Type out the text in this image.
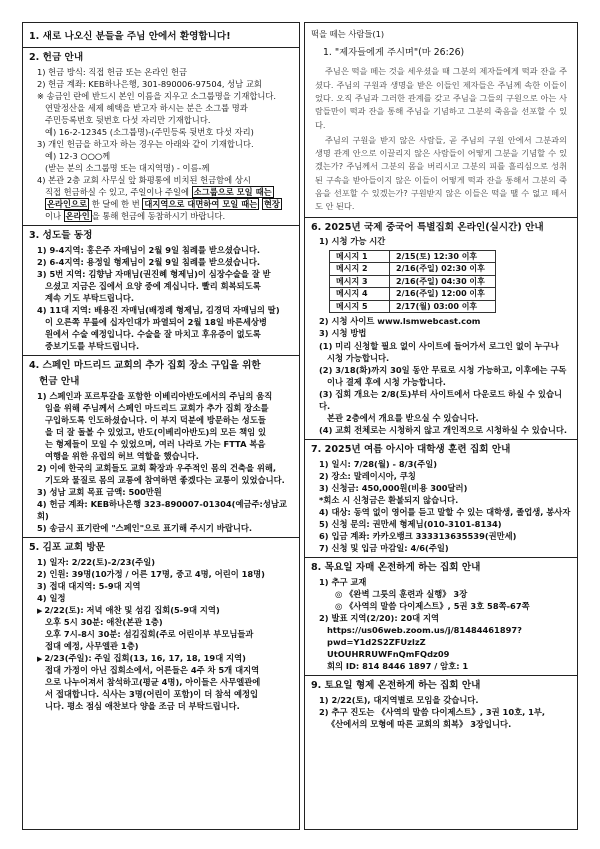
1. 새로 나오신 분들을 주님 안에서 환영합니다!
2. 헌금 안내
1) 헌금 방식: 직접 헌금 또는 온라인 헌금
2) 헌금 계좌: KEB하나은행, 301-890006-97504, 성남 교회
※ 송금인 란에 반드시 본인 이름을 지우고 소그룹명을 기재합니다.
연말정산을 세제 혜택을 받고자 하시는 분은 소그룹 명과
주민등록번호 뒷번호 다섯 자리만 기재합니다.
예) 16-2-12345 (소그룹명)-(주민등록 뒷번호 다섯 자리)
3) 개인 헌금을 하고자 하는 경우는 아래와 같이 기재합니다.
예) 12-3 ○○○께
(받는 분의 소그룹명 또는 대지역명) - 이름-께
4) 본관 2층 교회 사무실 앞 화평통에 비치된 헌금함에 상시
직접 헌금하실 수 있고, 주일이나 주일에 소그룹으로 모일 때는
온라인으로 한 달에 한 번 대지역으로 대면하여 모일 때는 현장
이나 온라인 을 통해 헌금에 동참하시기 바랍니다.
3. 성도들 동정
1) 9-4지역: 홍은주 자매님이 2월 9일 침례를 받으셨습니다.
2) 6-4지역: 용정일 형제님이 2월 9일 침례를 받으셨습니다.
3) 5번 지역: 김향남 자매님(권진혜 형제님)이 심장수술을 잘 받
으셨고 지금은 집에서 요양 중에 계십니다. 빨리 회복되도록
계속 기도 부탁드립니다.
4) 11대 지역: 배용진 자매님(배정례 형제님, 김경덕 자매님의 딸)
이 오른쪽 무릎에 십자인대가 파열되어 2월 18일 바른세상병
원에서 수술 예정입니다. 수술을 잘 마치고 후유증이 없도록
중보기도를 부탁드립니다.
4. 스페인 마드리드 교회의 추가 집회 장소 구입을 위한
헌금 안내
1) 스페인과 포르투갈을 포함한 이베리아반도에서의 주님의 움직
임을 위해 주님께서 스페인 마드리드 교회가 추가 집회 장소를
구입하도록 인도하셨습니다. 이 부지 덕분에 방문하는 성도들
을 더 잘 돌볼 수 있었고, 반도(이베리아반도)의 모든 책임 있
는 형제들이 모일 수 있었으며, 여러 나라로 가는 FTTA 복음
여행을 위한 유럽의 허브 역할을 했습니다.
2) 이에 한국의 교회들도 교회 확장과 우주적인 몸의 건축을 위해,
기도와 물질로 몸의 교통에 참여하면 좋겠다는 교통이 있었습니다.
3) 성남 교회 목표 금액: 500만원
4) 헌금 계좌: KEB하나은행 323-890007-01304(예금주:성남교회)
5) 송금시 표기란에 "스페인"으로 표기해 주시기 바랍니다.
5. 김포 교회 방문
1) 일자: 2/22(토)-2/23(주일)
2) 인원: 39명(10가정 / 어른 17명, 중고 4명, 어린이 18명)
3) 접대 대지역: 5-9대 지역
4) 일정
▶ 2/22(토): 저녁 애찬 및 섬김 집회(5-9대 지역)
오후 5시 30분: 애찬(본관 1층)
오후 7시-8시 30분: 섬김집회(주로 어린이부 부모님들과
접대 예정, 사무엘관 1층)
▶ 2/23(주일): 주일 집회(13, 16, 17, 18, 19대 지역)
접대 가정이 아닌 집회소에서, 어른들은 4주 차 5개 대지역
으로 나누어져서 참석하고(평균 4명), 아이들은 사무엘관에
서 접대합니다. 식사는 3명(어린이 포함)이 더 참석 예정입
니다. 평소 점심 애찬보다 양을 조금 더 부탁드립니다.
떡을 떼는 사람들(1)
1. "제자들에게 주시며"(마 26:26)

주님은 떡을 떼는 것을 세우셨을 때 그분의 제자들에게 떡과 잔을 주셨다. 주님의 구원과 생명을 받은 이들인 제자들은 주님께 속한 이들이었다. 오직 주님과 그러한 관계를 갖고 주님을 그들의 구원으로 아는 사람들만이 떡과 잔을 통해 주님을 기념하고 그분의 죽음을 선포할 수 있다.

주님의 구원을 받지 않은 사람들, 곧 주님의 구원 안에서 그분과의 생명 관계 안으로 이끌리지 않은 사람들이 어떻게 그분을 기념할 수 있겠는가? 주님께서 그분의 몸을 버리시고 그분의 피를 흘리심으로 성취된 구속을 받아들이지 않은 이들이 어떻게 떡과 잔을 통해서 그분의 죽음을 선포할 수 있겠는가? 구원받지 않은 이들은 떡을 땔 수 없고 떼서도 안 된다.

6. 2025년 국제 중국어 특별집회 온라인(실시간) 안내
1) 시청 가능 시간
메시지 1	2/15(토) 12:30 이후
메시지 2	2/16(주일) 02:30 이후
메시지 3	2/16(주일) 04:30 이후
메시지 4	2/16(주일) 12:00 이후
메시지 5	2/17(월) 03:00 이후
2) 시청 사이트 www.lsmwebcast.com
3) 시청 방법
(1) 미리 신청할 필요 없이 사이트에 들어가서 로그인 없이 누구나
시청 가능합니다.
(2) 3/18(화)까지 30일 동안 무료로 시청 가능하고, 이후에는 구독
이나 결제 후에 시청 가능합니다.
(3) 집회 개요는 2/8(토)부터 사이트에서 다운로드 하실 수 있습니다.
본관 2층에서 개요를 받으실 수 있습니다.
(4) 교회 전체로는 시청하지 않고 개인적으로 시청하실 수 있습니다.
7. 2025년 여름 아시아 대학생 훈련 집회 안내
1) 일시: 7/28(월) - 8/3(주일)
2) 장소: 말레이시아, 쿠칭
3) 신청금: 450,000원(비용 300달러)
*회소 시 신청금은 환불되지 않습니다.
4) 대상: 동역 없이 영어를 듣고 말할 수 있는 대학생, 졸업생, 봉사자
5) 신청 문의: 권만세 형제님(010-3101-8134)
6) 입금 계좌: 카카오뱅크 333313635539(권만세)
7) 신청 및 입금 마감일: 4/6(주일)
8. 목요일 자매 온전하게 하는 집회 안내
1) 추구 교재
◎ 《완벽 그릇의 훈련과 실행》 3장
◎ 《사역의 말씀 다이제스트》, 5권 3호 58쪽-67쪽
2) 발표 지역(2/20): 20대 지역
https://us06web.zoom.us/j/81484461897?pwd=Y1d2S2ZFUzlzZ
UtOUHRRUWFnQmFQdz09
회의 ID: 814 8446 1897 / 암호: 1
9. 토요일 형제 온전하게 하는 집회 안내
1) 2/22(토), 대지역별로 모임을 갖습니다.
2) 추구 진도는 《사역의 말씀 다이제스트》, 3권 10호, 1부,
《산에서의 모형에 따른 교회의 회복》 3장입니다.
